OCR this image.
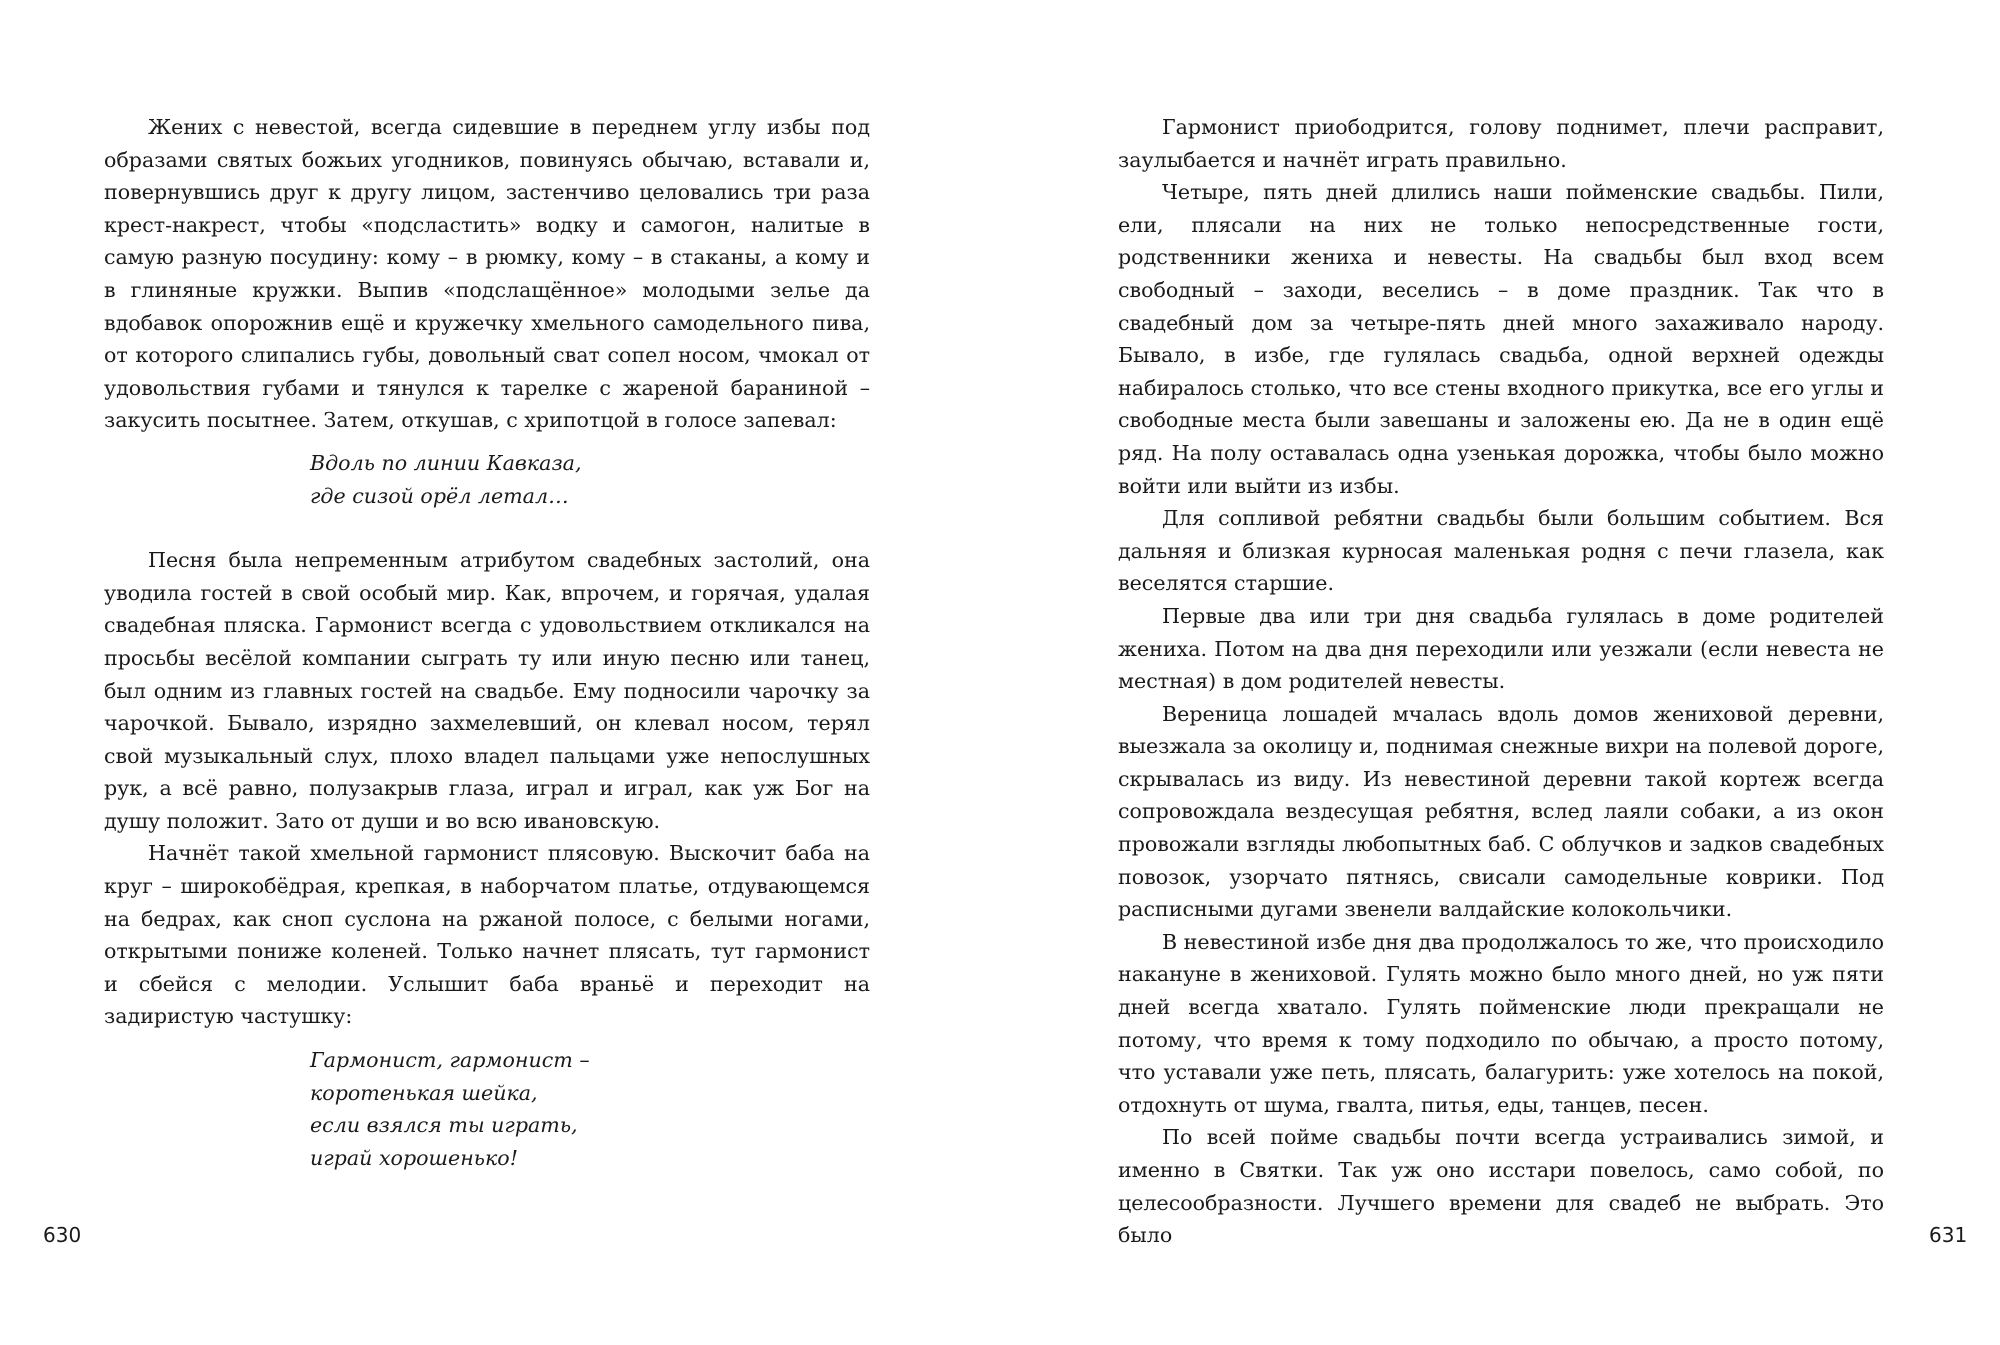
Жених с невестой, всегда сидевшие в переднем углу избы под образами святых божьих угодников, повинуясь обычаю, вставали и, повернувшись друг к другу лицом, застенчиво целовались три раза крест-накрест, чтобы «подсластить» водку и самогон, налитые в самую разную посудину: кому – в рюмку, кому – в стаканы, а кому и в глиняные кружки. Выпив «подслащённое» молодыми зелье да вдобавок опорожнив ещё и кружечку хмельного самодельного пива, от которого слипались губы, довольный сват сопел носом, чмокал от удовольствия губами и тянулся к тарелке с жареной бараниной – закусить посытнее. Затем, откушав, с хрипотцой в голосе запевал:

Вдоль по линии Кавказа,
где сизой орёл летал…

Песня была непременным атрибутом свадебных застолий, она уводила гостей в свой особый мир. Как, впрочем, и горячая, удалая свадебная пляска. Гармонист всегда с удовольствием откликался на просьбы весёлой компании сыграть ту или иную песню или танец, был одним из главных гостей на свадьбе. Ему подносили чарочку за чарочкой. Бывало, изрядно захмелевший, он клевал носом, терял свой музыкальный слух, плохо владел пальцами уже непослушных рук, а всё равно, полузакрыв глаза, играл и играл, как уж Бог на душу положит. Зато от души и во всю ивановскую.

Начнёт такой хмельной гармонист плясовую. Выскочит баба на круг – широкобёдрая, крепкая, в наборчатом платье, отдувающемся на бедрах, как сноп суслона на ржаной полосе, с белыми ногами, открытыми пониже коленей. Только начнет плясать, тут гармонист и сбейся с мелодии. Услышит баба враньё и переходит на задиристую частушку:

Гармонист, гармонист –
коротенькая шейка,
если взялся ты играть,
играй хорошенько!
630

Гармонист приободрится, голову поднимет, плечи расправит, заулыбается и начнёт играть правильно.

Четыре, пять дней длились наши пойменские свадьбы. Пили, ели, плясали на них не только непосредственные гости, родственники жениха и невесты. На свадьбы был вход всем свободный – заходи, веселись – в доме праздник. Так что в свадебный дом за четыре-пять дней много захаживало народу. Бывало, в избе, где гулялась свадьба, одной верхней одежды набиралось столько, что все стены входного прикутка, все его углы и свободные места были завешаны и заложены ею. Да не в один ещё ряд. На полу оставалась одна узенькая дорожка, чтобы было можно войти или выйти из избы.

Для сопливой ребятни свадьбы были большим событием. Вся дальняя и близкая курносая маленькая родня с печи глазела, как веселятся старшие.

Первые два или три дня свадьба гулялась в доме родителей жениха. Потом на два дня переходили или уезжали (если невеста не местная) в дом родителей невесты.

Вереница лошадей мчалась вдоль домов жениховой деревни, выезжала за околицу и, поднимая снежные вихри на полевой дороге, скрывалась из виду. Из невестиной деревни такой кортеж всегда сопровождала вездесущая ребятня, вслед лаяли собаки, а из окон провожали взгляды любопытных баб. С облучков и задков свадебных повозок, узорчато пятнясь, свисали самодельные коврики. Под расписными дугами звенели валдайские колокольчики.

В невестиной избе дня два продолжалось то же, что происходило накануне в жениховой. Гулять можно было много дней, но уж пяти дней всегда хватало. Гулять пойменские люди прекращали не потому, что время к тому подходило по обычаю, а просто потому, что уставали уже петь, плясать, балагурить: уже хотелось на покой, отдохнуть от шума, гвалта, питья, еды, танцев, песен.

По всей пойме свадьбы почти всегда устраивались зимой, и именно в Святки. Так уж оно исстари повелось, само собой, по целесообразности. Лучшего времени для свадеб не выбрать. Это было	631
